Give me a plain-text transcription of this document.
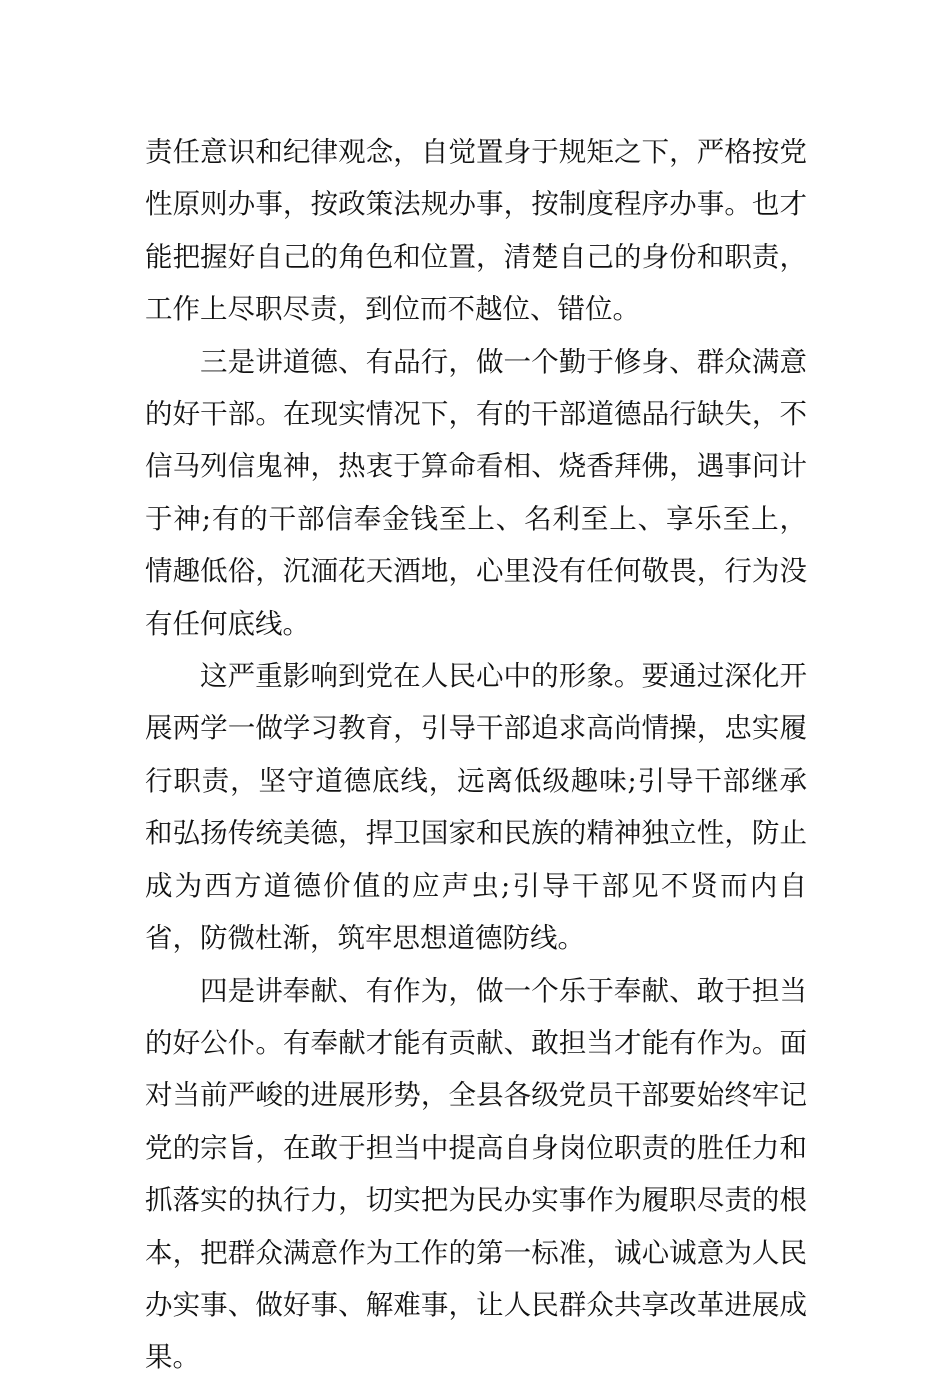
责任意识和纪律观念，自觉置身于规矩之下，严格按党性原则办事，按政策法规办事，按制度程序办事。也才能把握好自己的角色和位置，清楚自己的身份和职责，工作上尽职尽责，到位而不越位、错位。

三是讲道德、有品行，做一个勤于修身、群众满意的好干部。在现实情况下，有的干部道德品行缺失，不信马列信鬼神，热衷于算命看相、烧香拜佛，遇事问计于神;有的干部信奉金钱至上、名利至上、享乐至上，情趣低俗，沉湎花天酒地，心里没有任何敬畏，行为没有任何底线。

这严重影响到党在人民心中的形象。要通过深化开展两学一做学习教育，引导干部追求高尚情操，忠实履行职责，坚守道德底线，远离低级趣味;引导干部继承和弘扬传统美德，捍卫国家和民族的精神独立性，防止成为西方道德价值的应声虫;引导干部见不贤而内自省，防微杜渐，筑牢思想道德防线。

四是讲奉献、有作为，做一个乐于奉献、敢于担当的好公仆。有奉献才能有贡献、敢担当才能有作为。面对当前严峻的进展形势，全县各级党员干部要始终牢记党的宗旨，在敢于担当中提高自身岗位职责的胜任力和抓落实的执行力，切实把为民办实事作为履职尽责的根本，把群众满意作为工作的第一标准，诚心诚意为人民办实事、做好事、解难事，让人民群众共享改革进展成果。
